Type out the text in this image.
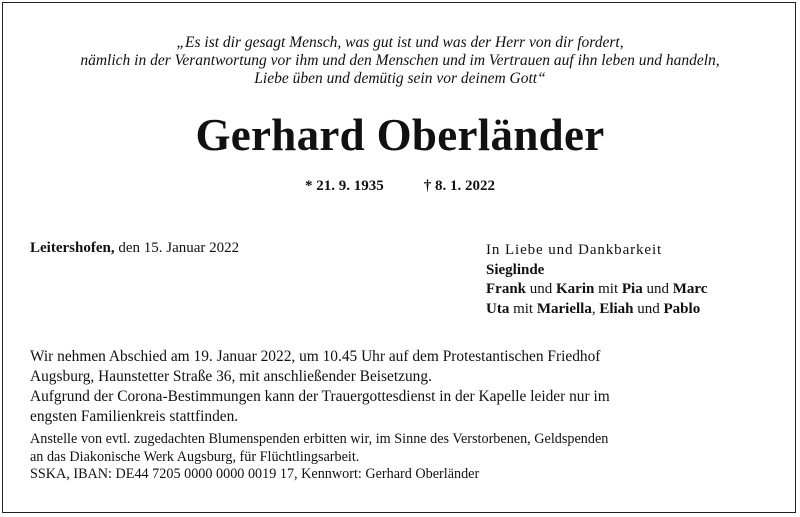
„Es ist dir gesagt Mensch, was gut ist und was der Herr von dir fordert,
nämlich in der Verantwortung vor ihm und den Menschen und im Vertrauen auf ihn leben und handeln,
Liebe üben und demütig sein vor deinem Gott“
Gerhard Oberländer
* 21. 9. 1935	† 8. 1. 2022
Leitershofen, den 15. Januar 2022	In Liebe und Dankbarkeit
Sieglinde
Frank und Karin mit Pia und Marc
Uta mit Mariella, Eliah und Pablo
Wir nehmen Abschied am 19. Januar 2022, um 10.45 Uhr auf dem Protestantischen Friedhof
Augsburg, Haunstetter Straße 36, mit anschließender Beisetzung.
Aufgrund der Corona-Bestimmungen kann der Trauergottesdienst in der Kapelle leider nur im
engsten Familienkreis stattfinden.
Anstelle von evtl. zugedachten Blumenspenden erbitten wir, im Sinne des Verstorbenen, Geldspenden
an das Diakonische Werk Augsburg, für Flüchtlingsarbeit.
SSKA, IBAN: DE44 7205 0000 0000 0019 17, Kennwort: Gerhard Oberländer
